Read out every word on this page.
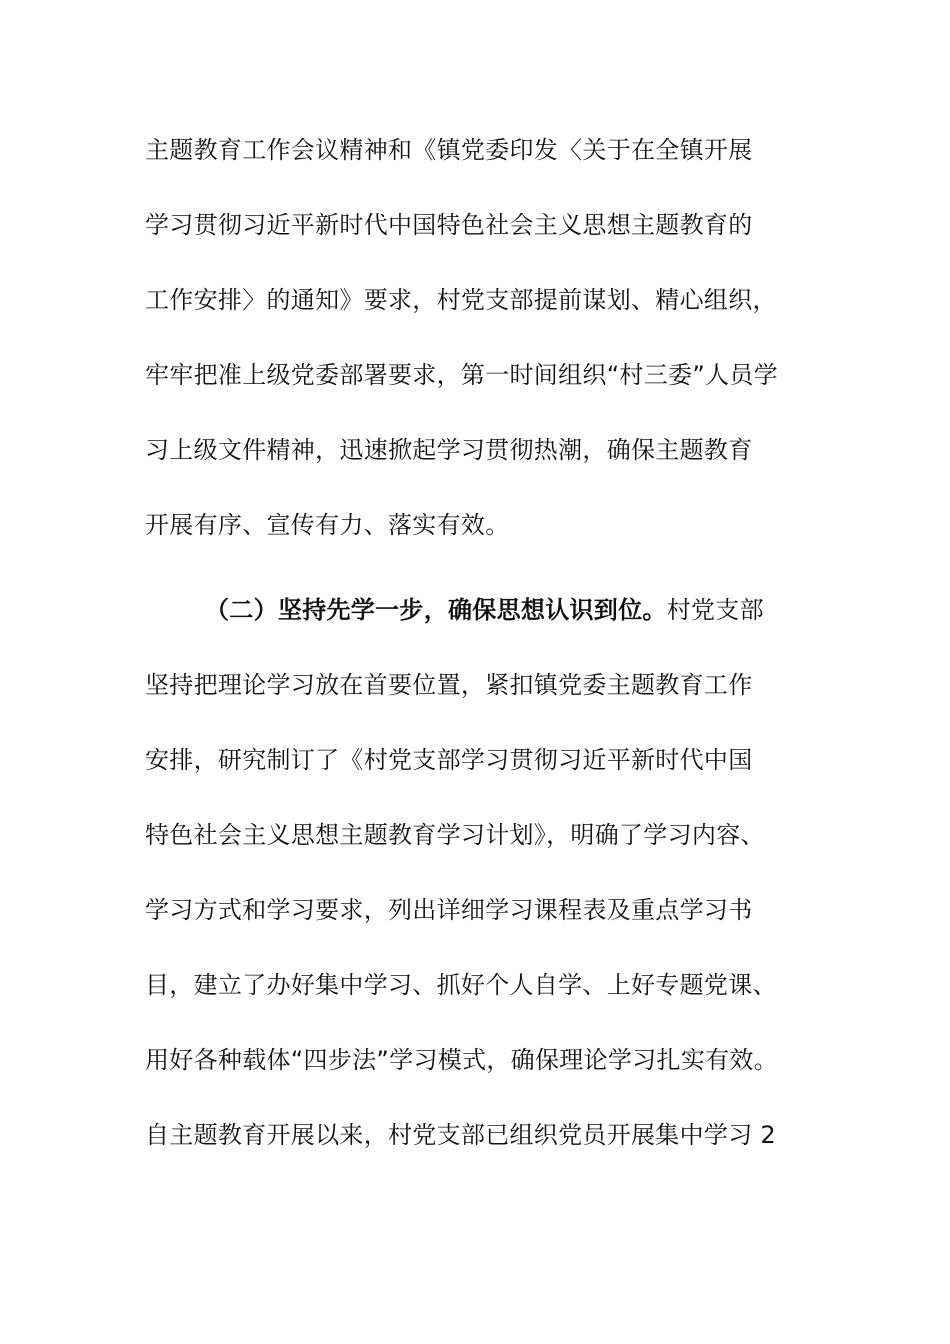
主题教育工作会议精神和《镇党委印发〈关于在全镇开展
学习贯彻习近平新时代中国特色社会主义思想主题教育的
工作安排〉的通知》要求，村党支部提前谋划、精心组织，
牢牢把准上级党委部署要求，第一时间组织“村三委”人员学
习上级文件精神，迅速掀起学习贯彻热潮，确保主题教育
开展有序、宣传有力、落实有效。
（二）坚持先学一步，确保思想认识到位。村党支部
坚持把理论学习放在首要位置，紧扣镇党委主题教育工作
安排，研究制订了《村党支部学习贯彻习近平新时代中国
特色社会主义思想主题教育学习计划》，明确了学习内容、
学习方式和学习要求，列出详细学习课程表及重点学习书
目，建立了办好集中学习、抓好个人自学、上好专题党课、
用好各种载体“四步法”学习模式，确保理论学习扎实有效。
自主题教育开展以来，村党支部已组织党员开展集中学习 2
